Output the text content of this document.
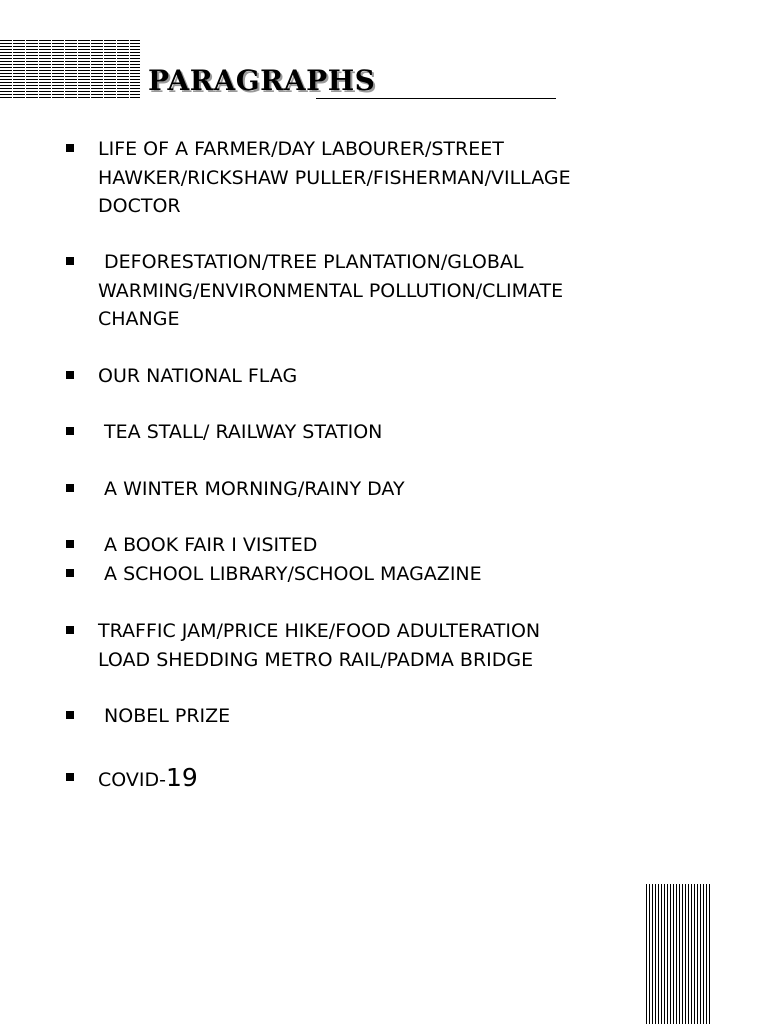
PARAGRAPHS
LIFE OF A FARMER/DAY LABOURER/STREET
HAWKER/RICKSHAW PULLER/FISHERMAN/VILLAGE
DOCTOR
DEFORESTATION/TREE PLANTATION/GLOBAL
WARMING/ENVIRONMENTAL POLLUTION/CLIMATE
CHANGE
OUR NATIONAL FLAG
TEA STALL/ RAILWAY STATION
A WINTER MORNING/RAINY DAY
A BOOK FAIR I VISITED
A SCHOOL LIBRARY/SCHOOL MAGAZINE
TRAFFIC JAM/PRICE HIKE/FOOD ADULTERATION
LOAD SHEDDING METRO RAIL/PADMA BRIDGE
NOBEL PRIZE
COVID-19
